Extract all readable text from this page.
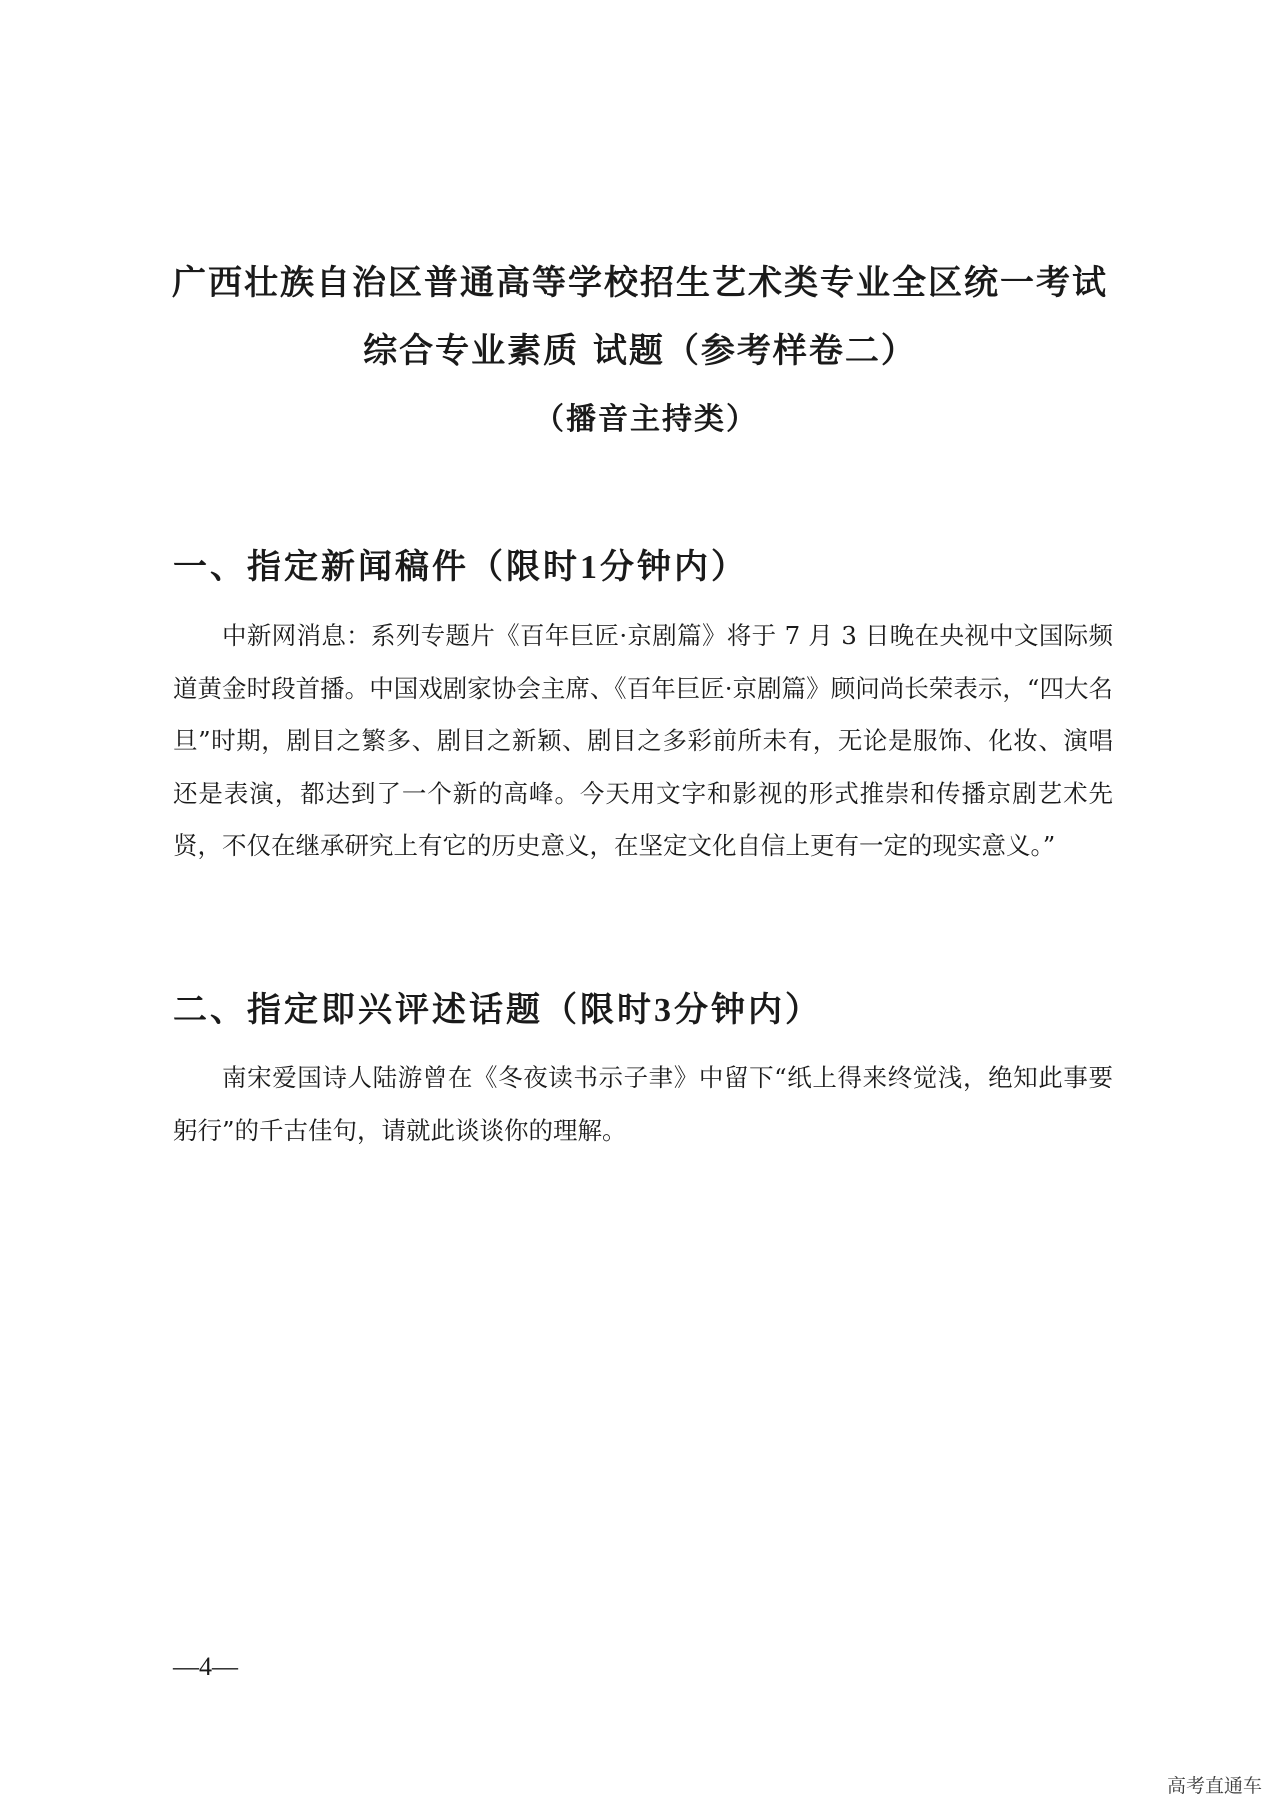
广西壮族自治区普通高等学校招生艺术类专业全区统一考试
综合专业素质 试题（参考样卷二）
（播音主持类）
一、指定新闻稿件（限时1分钟内）

中新网消息：系列专题片《百年巨匠·京剧篇》将于 7 月 3 日晚在央视中文国际频道黄金时段首播。中国戏剧家协会主席、《百年巨匠·京剧篇》顾问尚长荣表示，“四大名旦”时期，剧目之繁多、剧目之新颖、剧目之多彩前所未有，无论是服饰、化妆、演唱还是表演，都达到了一个新的高峰。今天用文字和影视的形式推崇和传播京剧艺术先贤，不仅在继承研究上有它的历史意义，在坚定文化自信上更有一定的现实意义。”

二、指定即兴评述话题（限时3分钟内）

南宋爱国诗人陆游曾在《冬夜读书示子聿》中留下“纸上得来终觉浅，绝知此事要躬行”的千古佳句，请就此谈谈你的理解。

—4—
高考直通车
